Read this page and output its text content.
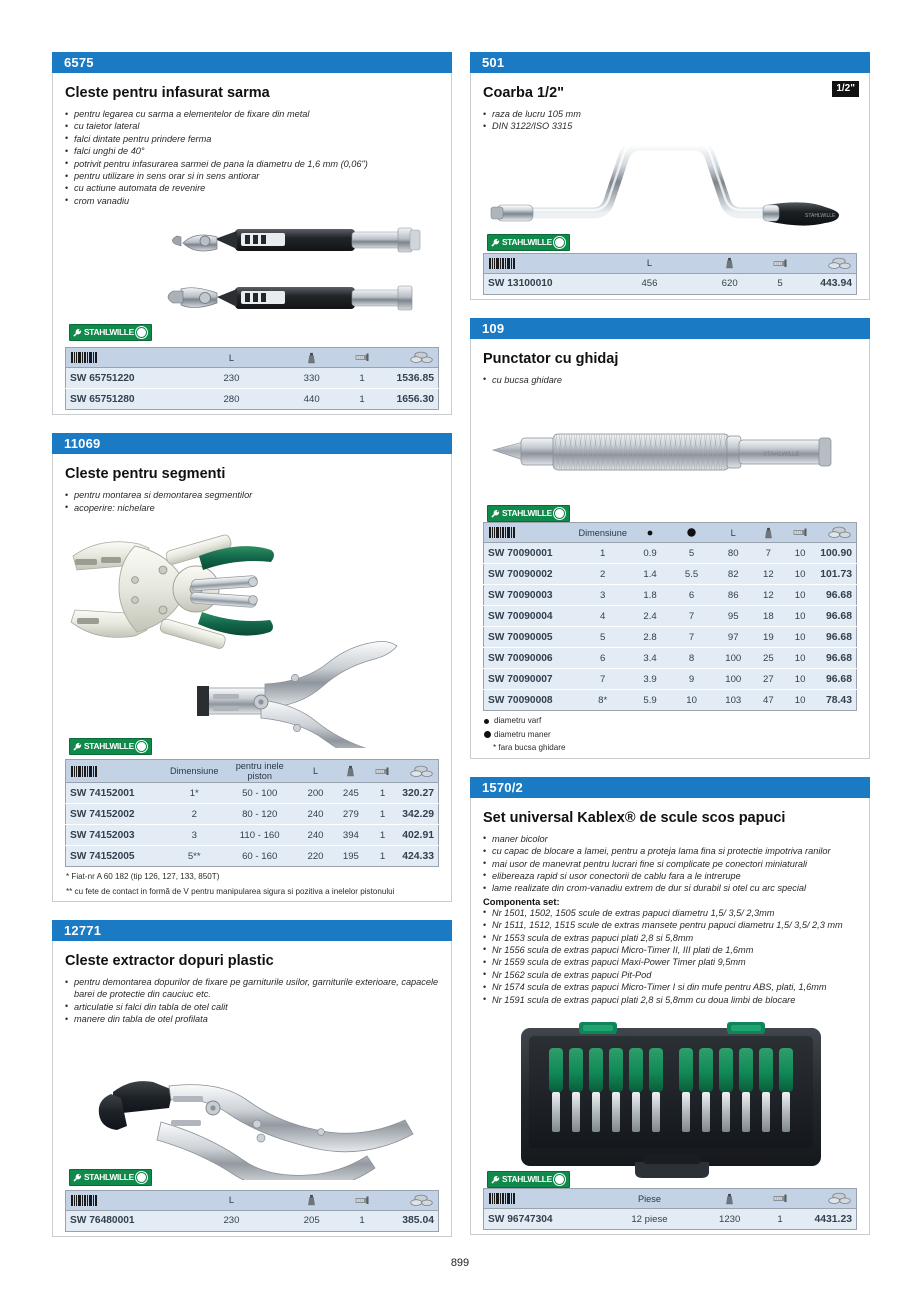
6575
Cleste pentru infasurat sarma
• pentru legarea cu sarma a elementelor de fixare din metal
• cu taietor lateral
• falci dintate pentru prindere ferma
• falci unghi de 40°
• potrivit pentru infasurarea sarmei de pana la diametru de 1,6 mm (0,06")
• pentru utilizare in sens orar si in sens antiorar
• cu actiune automata de revenire
• crom vanadiu
STAHLWILLE
	L			
SW 65751220	230	330	1	1536.85
SW 65751280	280	440	1	1656.30
11069
Cleste pentru segmenti
• pentru montarea si demontarea segmentilor
• acoperire: nichelare
STAHLWILLE
	Dimensiune	pentru inele piston	L			
SW 74152001	1*	50 - 100	200	245	1	320.27
SW 74152002	2	80 - 120	240	279	1	342.29
SW 74152003	3	110 - 160	240	394	1	402.91
SW 74152005	5**	60 - 160	220	195	1	424.33
* Fiat-nr A 60 182 (tip 126, 127, 133, 850T)
** cu fete de contact in formă de V pentru manipularea sigura si pozitiva a inelelor pistonului
12771
Cleste extractor dopuri plastic
• pentru demontarea dopurilor de fixare pe garniturile usilor, garniturile exterioare, capacele barei de protectie din cauciuc etc.
• articulatie si falci din tabla de otel calit
• manere din tabla de otel profilata
STAHLWILLE
	L			
SW 76480001	230	205	1	385.04
501
1/2"
Coarba 1/2"
• raza de lucru 105 mm
• DIN 3122/ISO 3315
STAHLWILLE
STAHLWILLE
	L			
SW 13100010	456	620	5	443.94
109
Punctator cu ghidaj
• cu bucsa ghidare
STAHLWILLE
STAHLWILLE
	Dimensiune			L			
SW 70090001	1	0.9	5	80	7	10	100.90
SW 70090002	2	1.4	5.5	82	12	10	101.73
SW 70090003	3	1.8	6	86	12	10	96.68
SW 70090004	4	2.4	7	95	18	10	96.68
SW 70090005	5	2.8	7	97	19	10	96.68
SW 70090006	6	3.4	8	100	25	10	96.68
SW 70090007	7	3.9	9	100	27	10	96.68
SW 70090008	8*	5.9	10	103	47	10	78.43
diametru varf
diametru maner
* fara bucsa ghidare
1570/2
Set universal Kablex® de scule scos papuci
• maner bicolor
• cu capac de blocare a lamei, pentru a proteja lama fina si protectie impotriva ranilor
• mai usor de manevrat pentru lucrari fine si complicate pe conectori miniaturali
• elibereaza rapid si usor conectorii de cablu fara a le intrerupe
• lame realizate din crom-vanadiu extrem de dur si durabil si otel cu arc special
Componenta set:
• Nr 1501, 1502, 1505 scule de extras papuci diametru 1,5/ 3,5/ 2,3mm
• Nr 1511, 1512, 1515 scule de extras mansete pentru papuci diametru 1,5/ 3,5/ 2,3 mm
• Nr 1553 scula de extras papuci plati 2,8 si 5,8mm
• Nr 1556 scula de extras papuci Micro-Timer II, III plati de 1,6mm
• Nr 1559 scula de extras papuci Maxi-Power Timer plati 9,5mm
• Nr 1562 scula de extras papuci Pit-Pod
• Nr 1574 scula de extras papuci Micro-Timer I si din mufe pentru ABS, plati, 1,6mm
• Nr 1591 scula de extras papuci plati 2,8 si 5,8mm cu doua limbi de blocare
STAHLWILLE
	Piese			
SW 96747304	12 piese	1230	1	4431.23
899
